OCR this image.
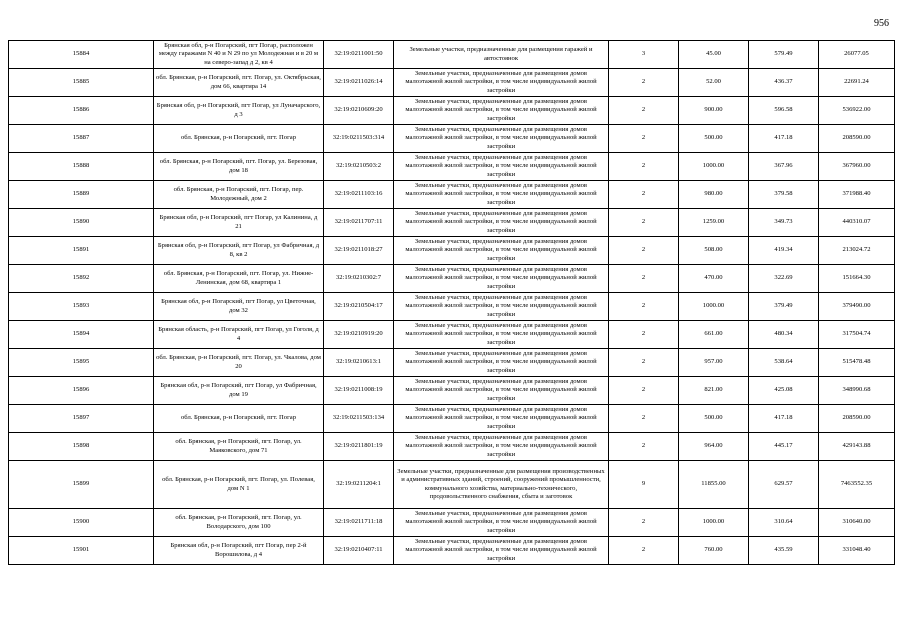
956
15884	Брянская обл, р-н Погарский, пгт Погар, расположен между гаражами N 40 и N 29 по ул Молодежная и в 20 м на северо-запад д 2, кв 4	32:19:0211001:50	Земельные участки, предназначенные для размещения гаражей и автостоянок	3	45.00	579.49	26077.05
15885	обл. Брянская, р-н Погарский, пгт. Погар, ул. Октябрьская, дом 66, квартира 14	32:19:0211026:14	Земельные участки, предназначенные для размещения домов малоэтажной жилой застройки, в том числе индивидуальной жилой застройки	2	52.00	436.37	22691.24
15886	Брянская обл, р-н Погарский, пгт Погар, ул Луначарского, д 3	32:19:0210609:20	Земельные участки, предназначенные для размещения домов малоэтажной жилой застройки, в том числе индивидуальной жилой застройки	2	900.00	596.58	536922.00
15887	обл. Брянская, р-н Погарский, пгт. Погар	32:19:0211503:314	Земельные участки, предназначенные для размещения домов малоэтажной жилой застройки, в том числе индивидуальной жилой застройки	2	500.00	417.18	208590.00
15888	обл. Брянская, р-н Погарский, пгт. Погар, ул. Березовая, дом 18	32:19:0210503:2	Земельные участки, предназначенные для размещения домов малоэтажной жилой застройки, в том числе индивидуальной жилой застройки	2	1000.00	367.96	367960.00
15889	обл. Брянская, р-н Погарский, пгт. Погар, пер. Молодежный, дом 2	32:19:0211103:16	Земельные участки, предназначенные для размещения домов малоэтажной жилой застройки, в том числе индивидуальной жилой застройки	2	980.00	379.58	371988.40
15890	Брянская обл, р-н Погарский, пгт Погар, ул Калинина, д 21	32:19:0211707:11	Земельные участки, предназначенные для размещения домов малоэтажной жилой застройки, в том числе индивидуальной жилой застройки	2	1259.00	349.73	440310.07
15891	Брянская обл, р-н Погарский, пгт Погар, ул Фабричная, д 8, кв 2	32:19:0211018:27	Земельные участки, предназначенные для размещения домов малоэтажной жилой застройки, в том числе индивидуальной жилой застройки	2	508.00	419.34	213024.72
15892	обл. Брянская, р-н Погарский, пгт. Погар, ул. Нижне-Ленинская, дом 68, квартира 1	32:19:0210302:7	Земельные участки, предназначенные для размещения домов малоэтажной жилой застройки, в том числе индивидуальной жилой застройки	2	470.00	322.69	151664.30
15893	Брянская обл, р-н Погарский, пгт Погар, ул Цветочная, дом 32	32:19:0210504:17	Земельные участки, предназначенные для размещения домов малоэтажной жилой застройки, в том числе индивидуальной жилой застройки	2	1000.00	379.49	379490.00
15894	Брянская область, р-н Погарский, пгт Погар, ул Гоголя, д 4	32:19:0210919:20	Земельные участки, предназначенные для размещения домов малоэтажной жилой застройки, в том числе индивидуальной жилой застройки	2	661.00	480.34	317504.74
15895	обл. Брянская, р-н Погарский, пгт. Погар, ул. Чкалова, дом 20	32:19:0210613:1	Земельные участки, предназначенные для размещения домов малоэтажной жилой застройки, в том числе индивидуальной жилой застройки	2	957.00	538.64	515478.48
15896	Брянская обл, р-н Погарский, пгт Погар, ул Фабричная, дом 19	32:19:0211008:19	Земельные участки, предназначенные для размещения домов малоэтажной жилой застройки, в том числе индивидуальной жилой застройки	2	821.00	425.08	348990.68
15897	обл. Брянская, р-н Погарский, пгт. Погар	32:19:0211503:134	Земельные участки, предназначенные для размещения домов малоэтажной жилой застройки, в том числе индивидуальной жилой застройки	2	500.00	417.18	208590.00
15898	обл. Брянская, р-н Погарский, пгт. Погар, ул. Маяковского, дом 71	32:19:0211801:19	Земельные участки, предназначенные для размещения домов малоэтажной жилой застройки, в том числе индивидуальной жилой застройки	2	964.00	445.17	429143.88
15899	обл. Брянская, р-н Погарский, пгт. Погар, ул. Полевая, дом N 1	32:19:0211204:1	Земельные участки, предназначенные для размещения производственных и административных зданий, строений, сооружений промышленности, коммунального хозяйства, материально-технического, продовольственного снабжения, сбыта и заготовок	9	11855.00	629.57	7463552.35
15900	обл. Брянская, р-н Погарский, пгт. Погар, ул. Володарского, дом 100	32:19:0211711:18	Земельные участки, предназначенные для размещения домов малоэтажной жилой застройки, в том числе индивидуальной жилой застройки	2	1000.00	310.64	310640.00
15901	Брянская обл, р-н Погарский, пгт Погар, пер 2-й Ворошилова, д 4	32:19:0210407:11	Земельные участки, предназначенные для размещения домов малоэтажной жилой застройки, в том числе индивидуальной жилой застройки	2	760.00	435.59	331048.40
